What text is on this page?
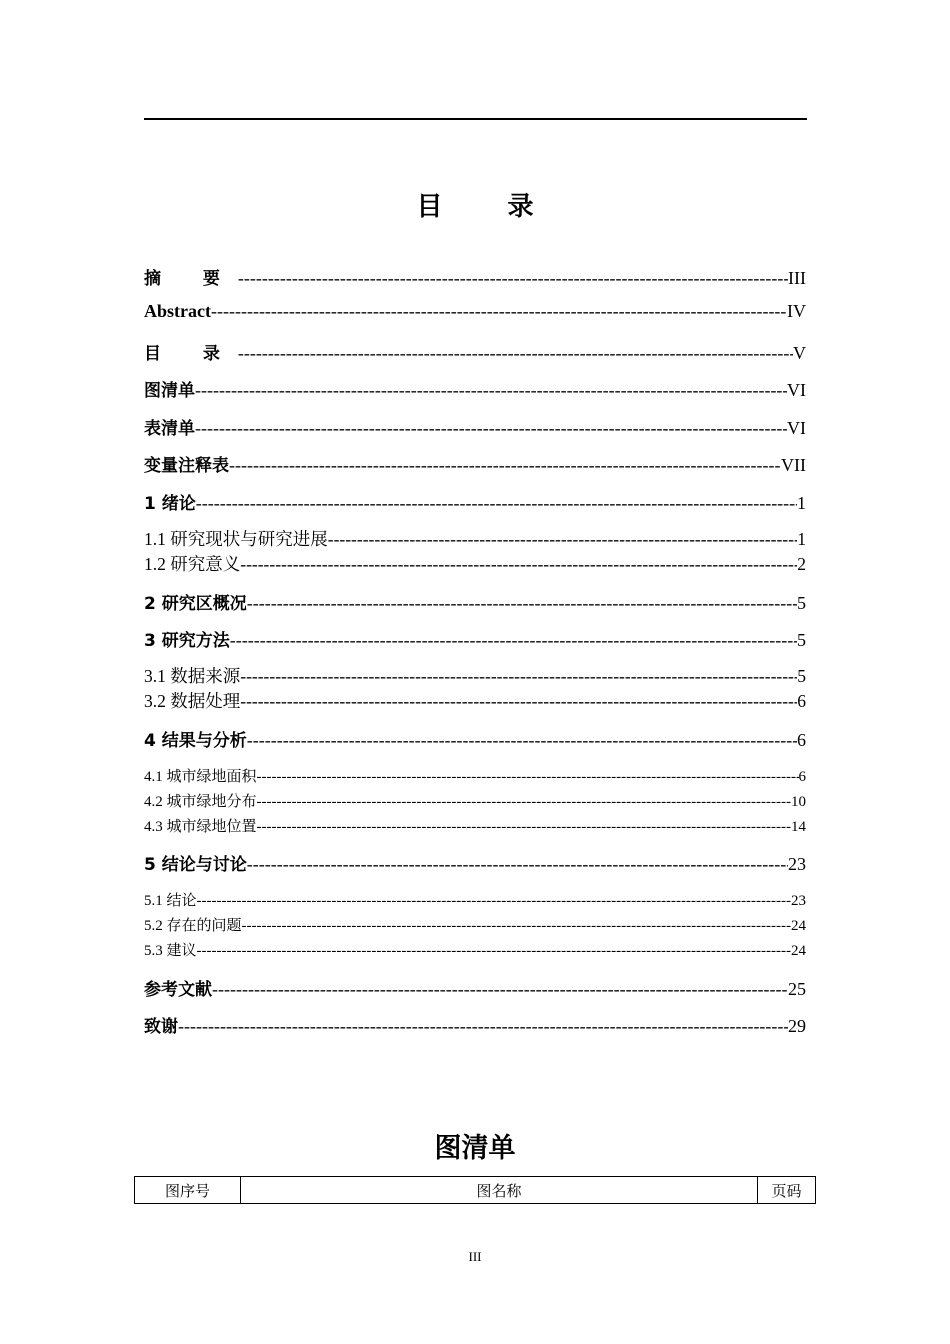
目 录
摘 要 -----	III
Abstract -----	IV
目 录 -----	V
图清单 -----	VI
表清单 -----	VI
变量注释表 -----	VII
1 绪论 -----	1
1.1 研究现状与研究进展 -----	1
1.2 研究意义 -----	2
2 研究区概况 -----	5
3 研究方法 -----	5
3.1 数据来源 -----	5
3.2 数据处理 -----	6
4 结果与分析 -----	6
4.1 城市绿地面积 -----	6
4.2 城市绿地分布 -----	10
4.3 城市绿地位置 -----	14
5 结论与讨论 -----	23
5.1 结论 -----	23
5.2 存在的问题 -----	24
5.3 建议 -----	24
参考文献 -----	25
致谢 -----	29
图清单
图序号	图名称	页码
III
